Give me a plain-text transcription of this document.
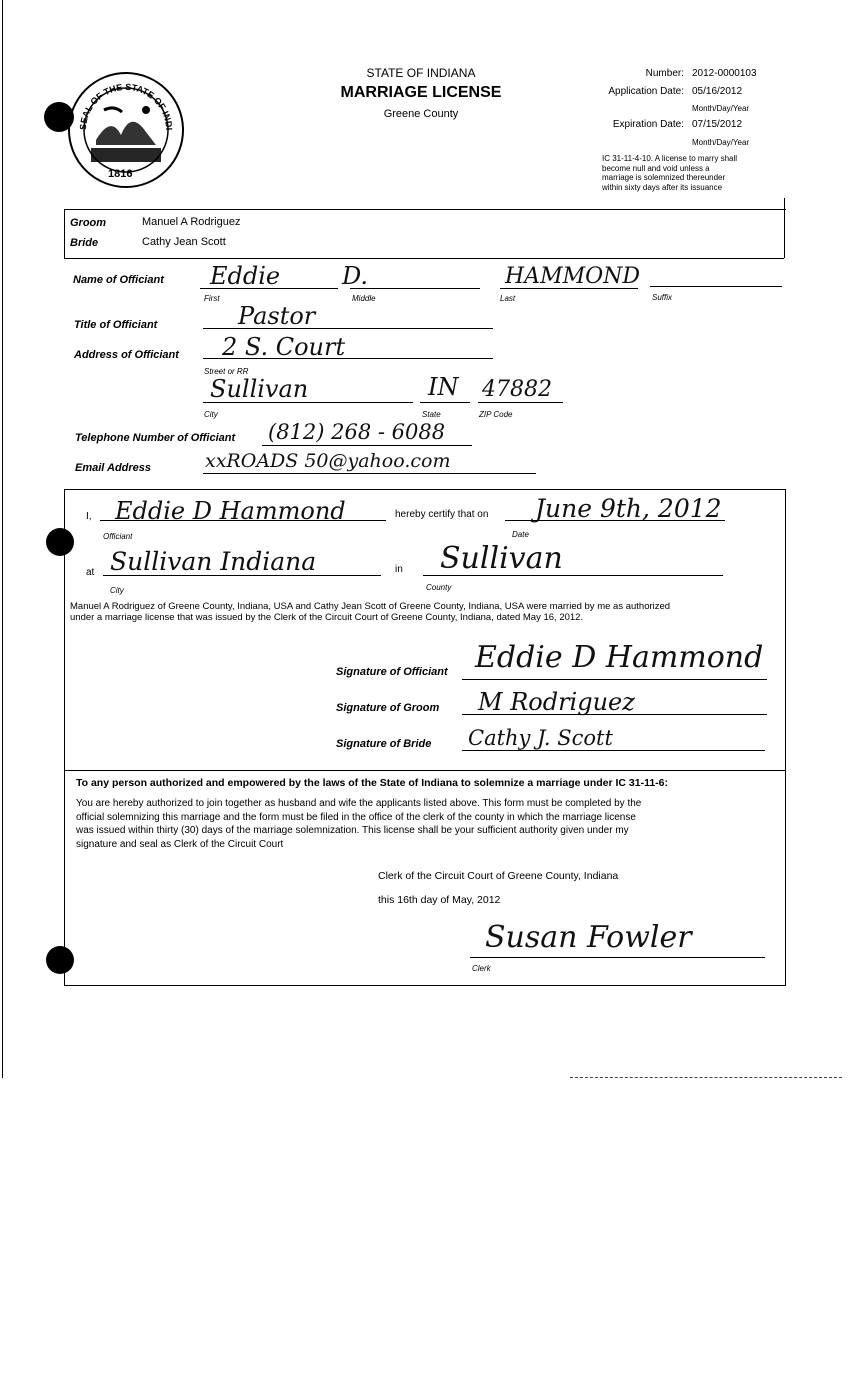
SEAL OF THE STATE OF INDI
1816
STATE OF INDIANA
MARRIAGE LICENSE
Greene County
Number: 2012-0000103
Application Date: 05/16/2012
Month/Day/Year
Expiration Date: 07/15/2012
Month/Day/Year
IC 31-11-4-10. A license to marry shall
become null and void unless a
marriage is solemnized thereunder
within sixty days after its issuance
Groom	Manuel A Rodriguez
Bride	Cathy Jean Scott
Name of Officiant Eddie	D.	HAMMOND
First	Middle	Last	Suffix
Title of Officiant	Pastor
Address of Officiant 2 S. Court
Street or RR
Sullivan	IN 47882
City	State	ZIP Code
Telephone Number of Officiant (812) 268 - 6088
Email Address	xxROADS 50@yahoo.com
I, Eddie D Hammond
Officiant
hereby certify that on June 9th, 2012
Date
at Sullivan Indiana
City
in Sullivan
County
Manuel A Rodriguez of Greene County, Indiana, USA and Cathy Jean Scott of Greene County, Indiana, USA were married by me as authorized
under a marriage license that was issued by the Clerk of the Circuit Court of Greene County, Indiana, dated May 16, 2012.
Signature of Officiant Eddie D Hammond
Signature of Groom M Rodriguez
Signature of Bride Cathy J. Scott
To any person authorized and empowered by the laws of the State of Indiana to solemnize a marriage under IC 31-11-6:
You are hereby authorized to join together as husband and wife the applicants listed above. This form must be completed by the
official solemnizing this marriage and the form must be filed in the office of the clerk of the county in which the marriage license
was issued within thirty (30) days of the marriage solemnization. This license shall be your sufficient authority given under my
signature and seal as Clerk of the Circuit Court
Clerk of the Circuit Court of Greene County, Indiana
this 16th day of May, 2012
Susan Fowler
Clerk
